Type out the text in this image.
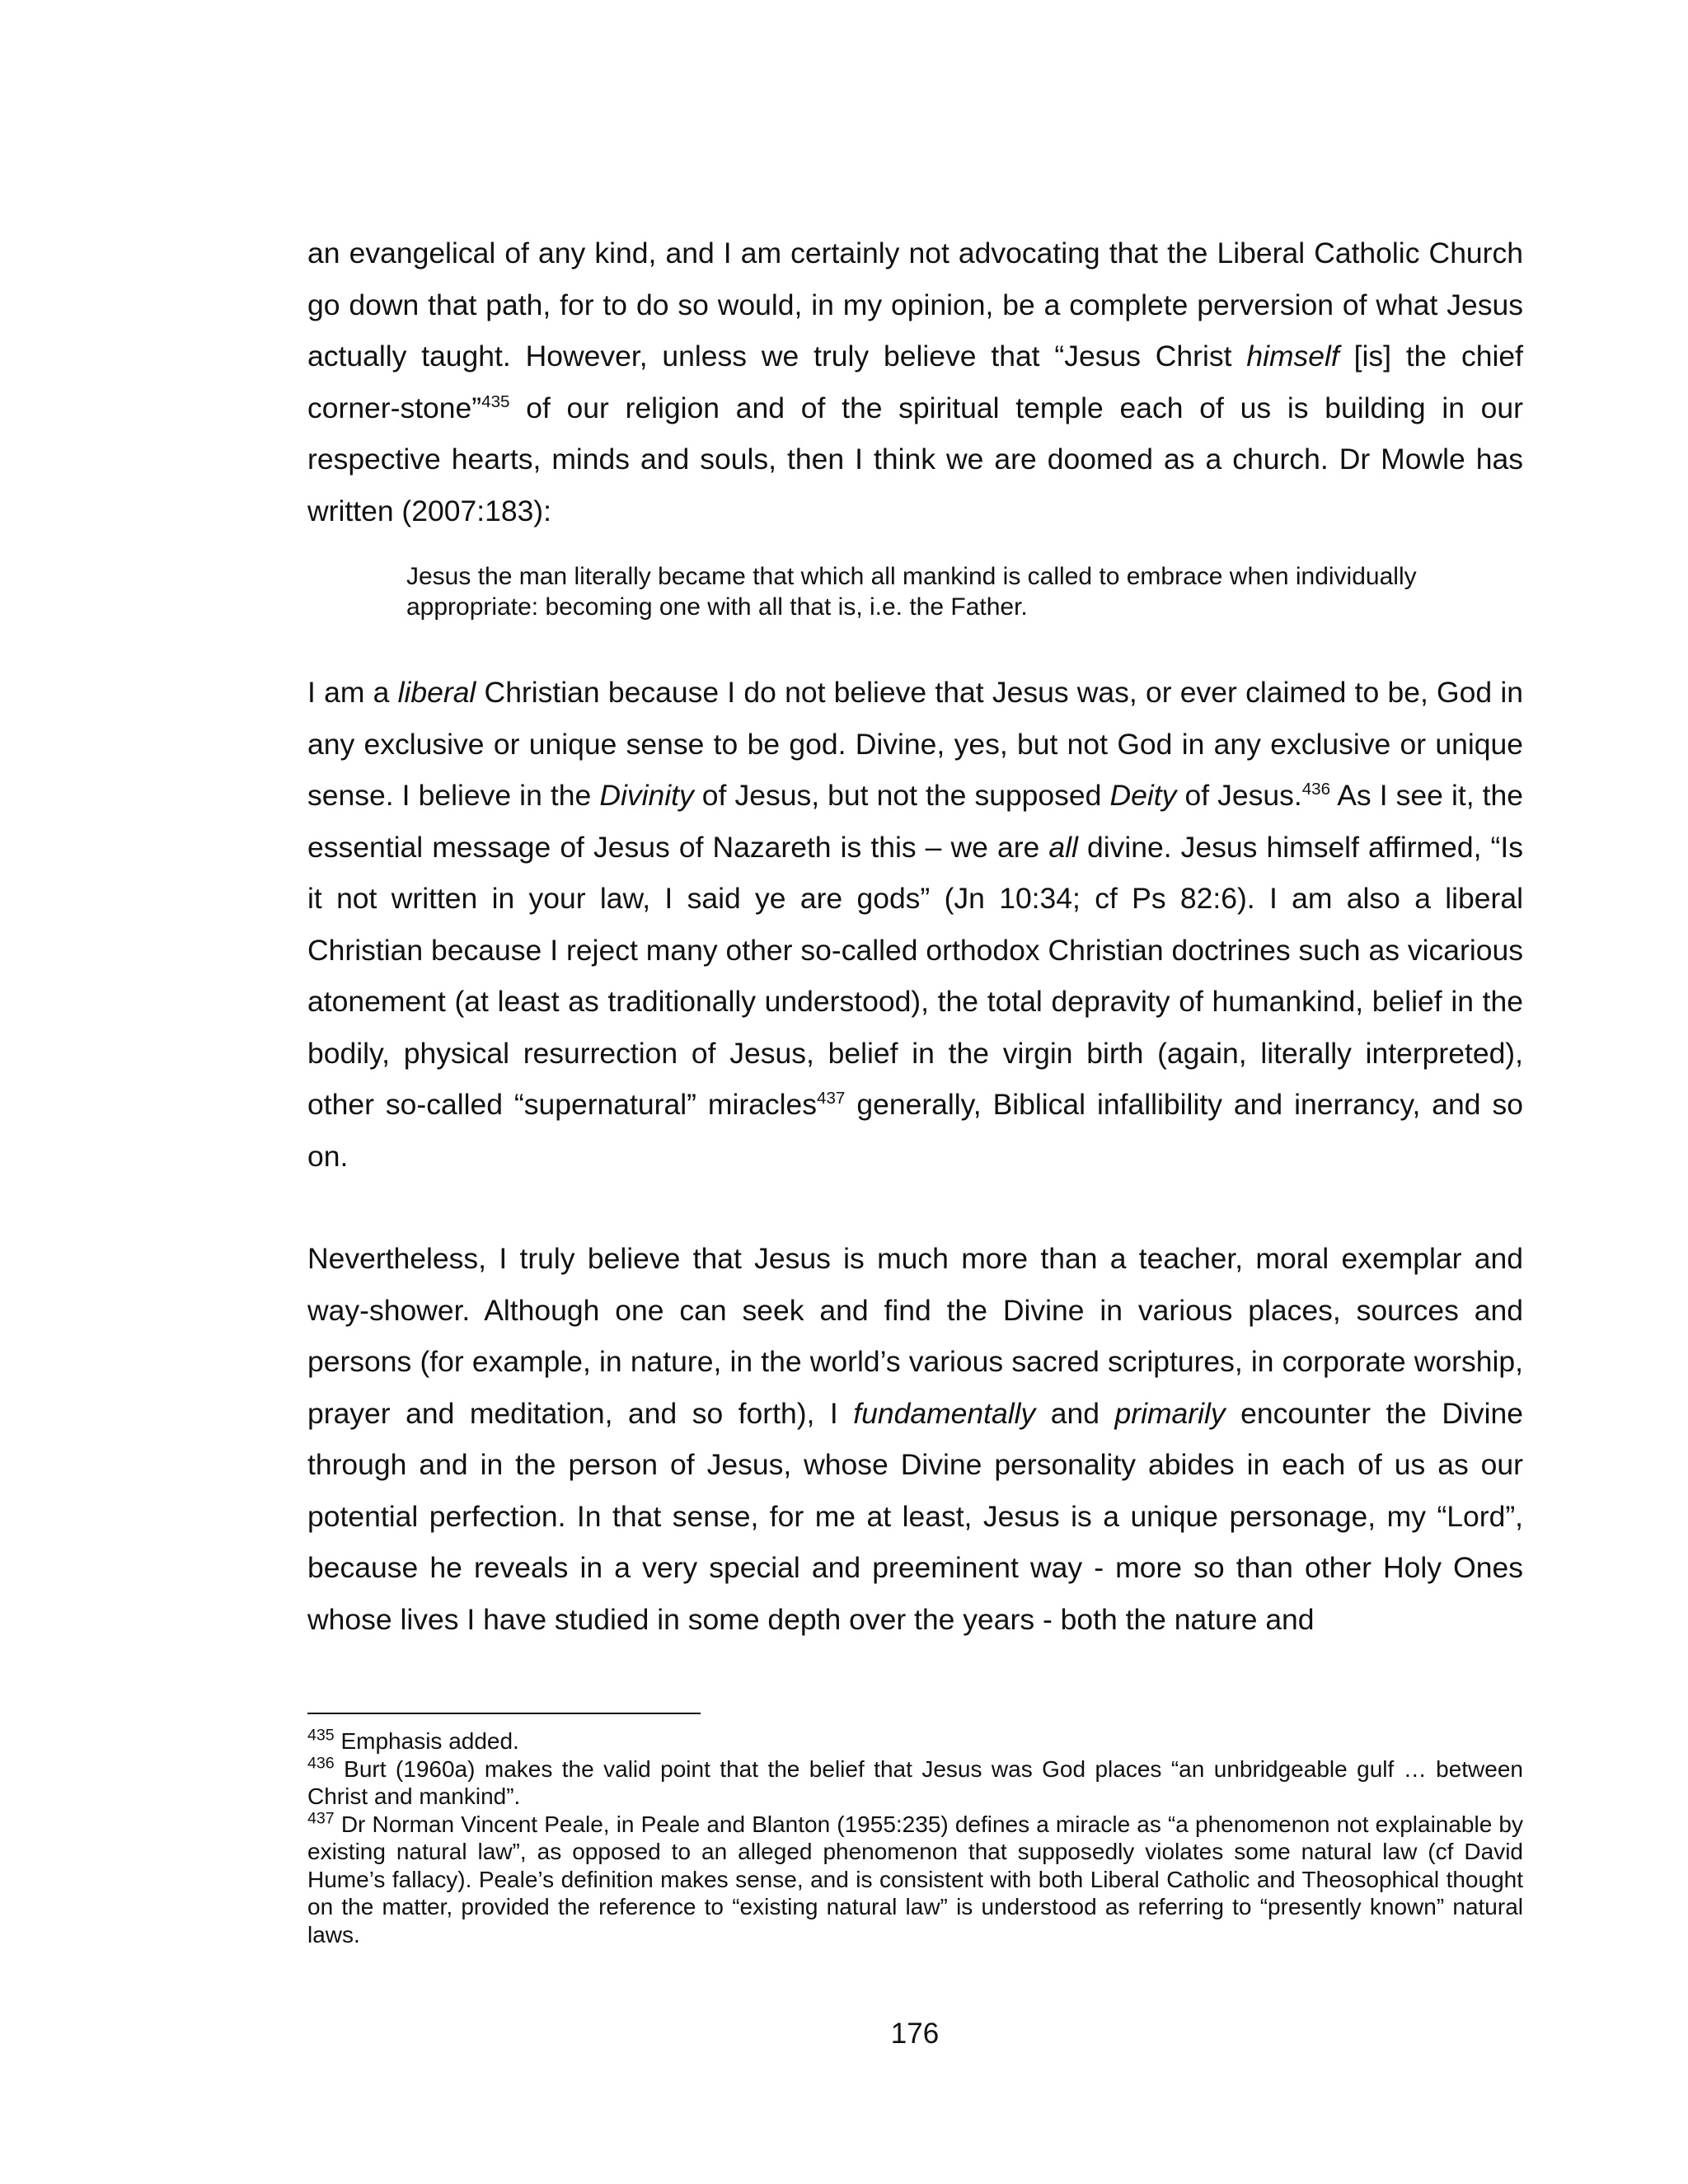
an evangelical of any kind, and I am certainly not advocating that the Liberal Catholic Church go down that path, for to do so would, in my opinion, be a complete perversion of what Jesus actually taught. However, unless we truly believe that “Jesus Christ himself [is] the chief corner-stone”$^{435}$ of our religion and of the spiritual temple each of us is building in our respective hearts, minds and souls, then I think we are doomed as a church. Dr Mowle has written (2007:183):

Jesus the man literally became that which all mankind is called to embrace when individually appropriate: becoming one with all that is, i.e. the Father.

I am a liberal Christian because I do not believe that Jesus was, or ever claimed to be, God in any exclusive or unique sense to be god. Divine, yes, but not God in any exclusive or unique sense. I believe in the Divinity of Jesus, but not the supposed Deity of Jesus.$^{436}$ As I see it, the essential message of Jesus of Nazareth is this – we are all divine. Jesus himself affirmed, “Is it not written in your law, I said ye are gods” (Jn 10:34; cf Ps 82:6). I am also a liberal Christian because I reject many other so-called orthodox Christian doctrines such as vicarious atonement (at least as traditionally understood), the total depravity of humankind, belief in the bodily, physical resurrection of Jesus, belief in the virgin birth (again, literally interpreted), other so-called “supernatural” miracles$^{437}$ generally, Biblical infallibility and inerrancy, and so on.

Nevertheless, I truly believe that Jesus is much more than a teacher, moral exemplar and way-shower. Although one can seek and find the Divine in various places, sources and persons (for example, in nature, in the world’s various sacred scriptures, in corporate worship, prayer and meditation, and so forth), I fundamentally and primarily encounter the Divine through and in the person of Jesus, whose Divine personality abides in each of us as our potential perfection. In that sense, for me at least, Jesus is a unique personage, my “Lord”, because he reveals in a very special and preeminent way - more so than other Holy Ones whose lives I have studied in some depth over the years - both the nature and

$^{435}$ Emphasis added.

$^{436}$ Burt (1960a) makes the valid point that the belief that Jesus was God places “an unbridgeable gulf … between Christ and mankind”.

$^{437}$ Dr Norman Vincent Peale, in Peale and Blanton (1955:235) defines a miracle as “a phenomenon not explainable by existing natural law”, as opposed to an alleged phenomenon that supposedly violates some natural law (cf David Hume’s fallacy). Peale’s definition makes sense, and is consistent with both Liberal Catholic and Theosophical thought on the matter, provided the reference to “existing natural law” is understood as referring to “presently known” natural laws.

176
